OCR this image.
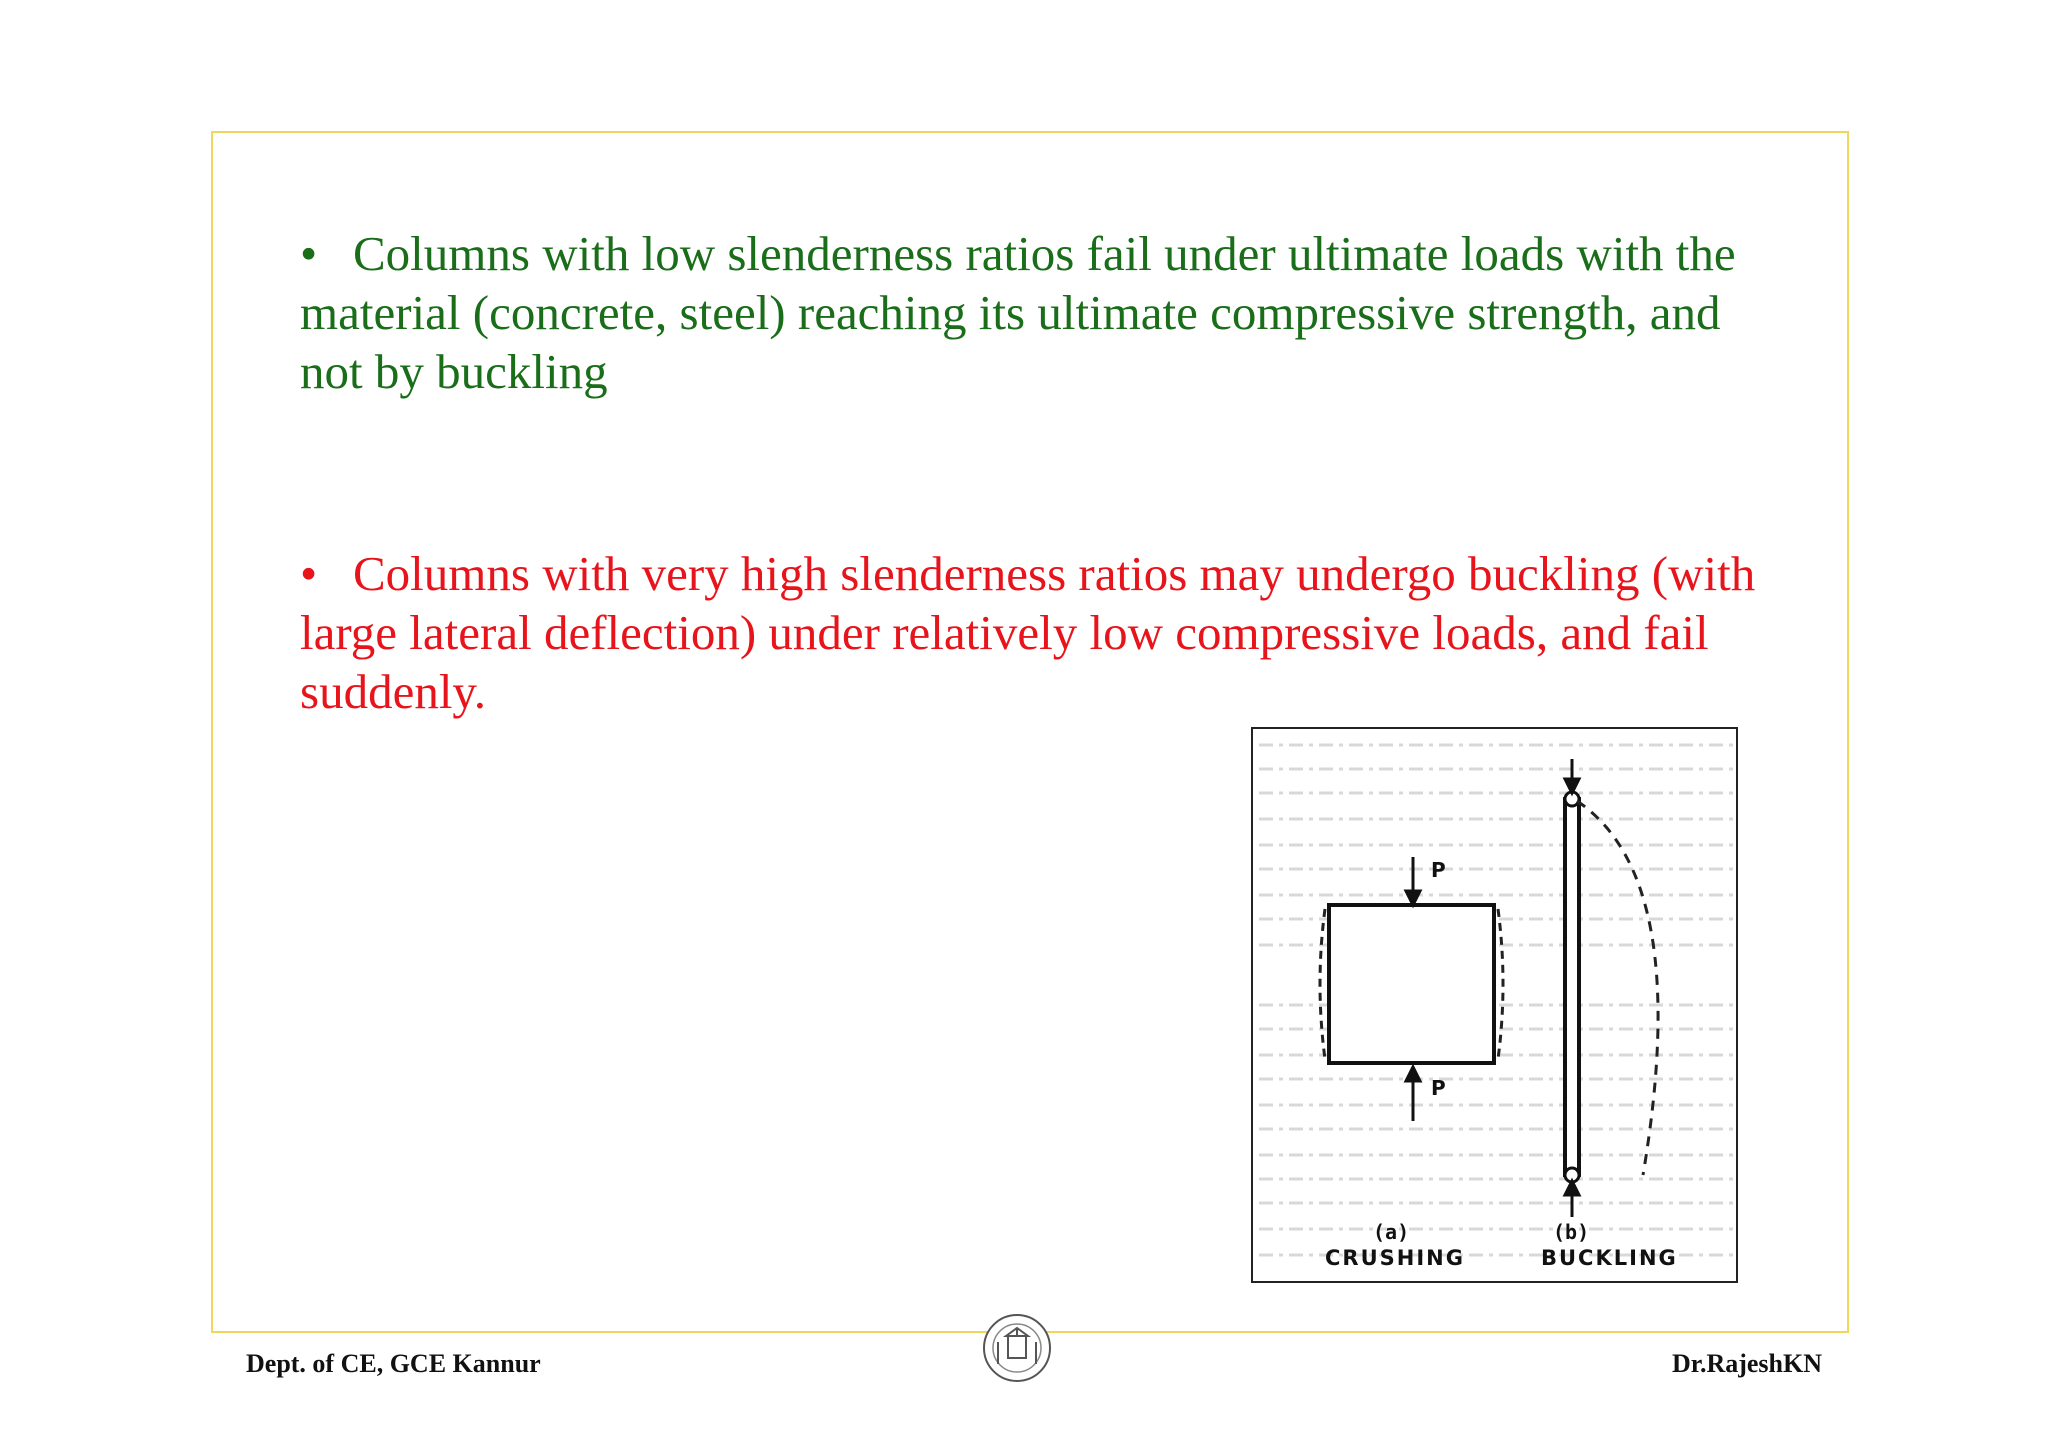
• Columns with low slenderness ratios fail under ultimate loads with the material (concrete, steel) reaching its ultimate compressive strength, and not by buckling
• Columns with very high slenderness ratios may undergo buckling (with large lateral deflection) under relatively low compressive loads, and fail suddenly.
P
P
(a)	(b)
CRUSHING	BUCKLING
Dept. of CE, GCE Kannur	Dr.RajeshKN
